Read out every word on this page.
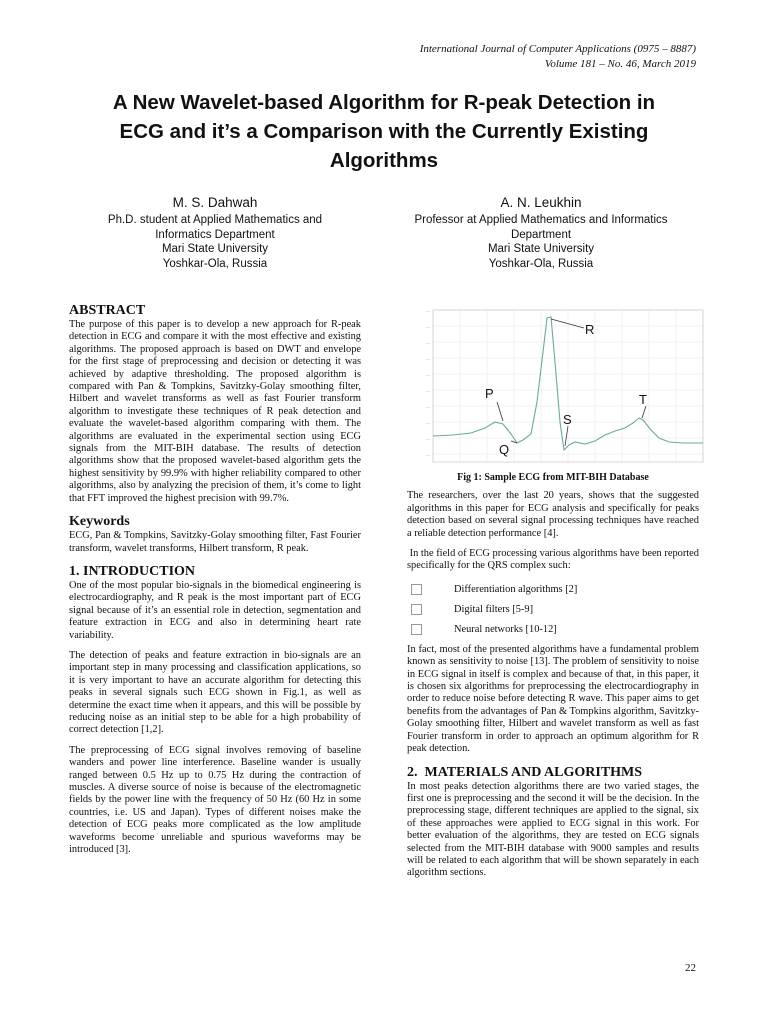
International Journal of Computer Applications (0975 – 8887)
Volume 181 – No. 46, March 2019
A New Wavelet-based Algorithm for R-peak Detection in
ECG and it’s a Comparison with the Currently Existing
Algorithms
M. S. Dahwah
Ph.D. student at Applied Mathematics and
Informatics Department
Mari State University
Yoshkar-Ola, Russia
A. N. Leukhin
Professor at Applied Mathematics and Informatics
Department
Mari State University
Yoshkar-Ola, Russia
ABSTRACT

The purpose of this paper is to develop a new approach for R-peak detection in ECG and compare it with the most effective and existing algorithms. The proposed approach is based on DWT and envelope for the first stage of preprocessing and decision or detecting it was achieved by adaptive thresholding. The proposed algorithm is compared with Pan & Tompkins, Savitzky-Golay smoothing filter, Hilbert and wavelet transforms as well as fast Fourier transform algorithm to investigate these techniques of R peak detection and evaluate the wavelet-based algorithm comparing with them. The algorithms are evaluated in the experimental section using ECG signals from the MIT-BIH database. The results of detection algorithms show that the proposed wavelet-based algorithm gets the highest sensitivity by 99.9% with higher reliability compared to other algorithms, also by analyzing the precision of them, it’s come to light that FFT improved the highest precision with 99.7%.

Keywords

ECG, Pan & Tompkins, Savitzky-Golay smoothing filter, Fast Fourier transform, wavelet transforms, Hilbert transform, R peak.

1. INTRODUCTION

One of the most popular bio-signals in the biomedical engineering is electrocardiography, and R peak is the most important part of ECG signal because of it’s an essential role in detection, segmentation and feature extraction in ECG and also in determining heart rate variability.

The detection of peaks and feature extraction in bio-signals are an important step in many processing and classification applications, so it is very important to have an accurate algorithm for detecting this peaks in several signals such ECG shown in Fig.1, as well as determine the exact time when it appears, and this will be possible by reducing noise as an initial step to be able for a high probability of correct detection [1,2].

The preprocessing of ECG signal involves removing of baseline wanders and power line interference. Baseline wander is usually ranged between 0.5 Hz up to 0.75 Hz during the contraction of muscles. A diverse source of noise is because of the electromagnetic fields by the power line with the frequency of 50 Hz (60 Hz in some countries, i.e. US and Japan). Types of different noises make the detection of ECG peaks more complicated as the low amplitude waveforms become unreliable and spurious waveforms may be introduced [3].

-.-
-.-
-.-
-.-
-.-
-.-
-.-
-.-
-.-
-.-
P
R
S
T
Q
Fig 1: Sample ECG from MIT-BIH Database

The researchers, over the last 20 years, shows that the suggested algorithms in this paper for ECG analysis and specifically for peaks detection based on several signal processing techniques have reached a reliable detection performance [4].

In the field of ECG processing various algorithms have been reported specifically for the QRS complex such:

Differentiation algorithms [2]
Digital filters [5-9]
Neural networks [10-12]

In fact, most of the presented algorithms have a fundamental problem known as sensitivity to noise [13]. The problem of sensitivity to noise in ECG signal in itself is complex and because of that, in this paper, it is chosen six algorithms for preprocessing the electrocardiography in order to reduce noise before detecting R wave. This paper aims to get benefits from the advantages of Pan & Tompkins algorithm, Savitzky-Golay smoothing filter, Hilbert and wavelet transform as well as fast Fourier transform in order to approach an optimum algorithm for R peak detection.

2.  MATERIALS AND ALGORITHMS

In most peaks detection algorithms there are two varied stages, the first one is preprocessing and the second it will be the decision. In the preprocessing stage, different techniques are applied to the signal, six of these approaches were applied to ECG signal in this work. For better evaluation of the algorithms, they are tested on ECG signals selected from the MIT-BIH database with 9000 samples and results will be related to each algorithm that will be shown separately in each algorithm sections.

22
